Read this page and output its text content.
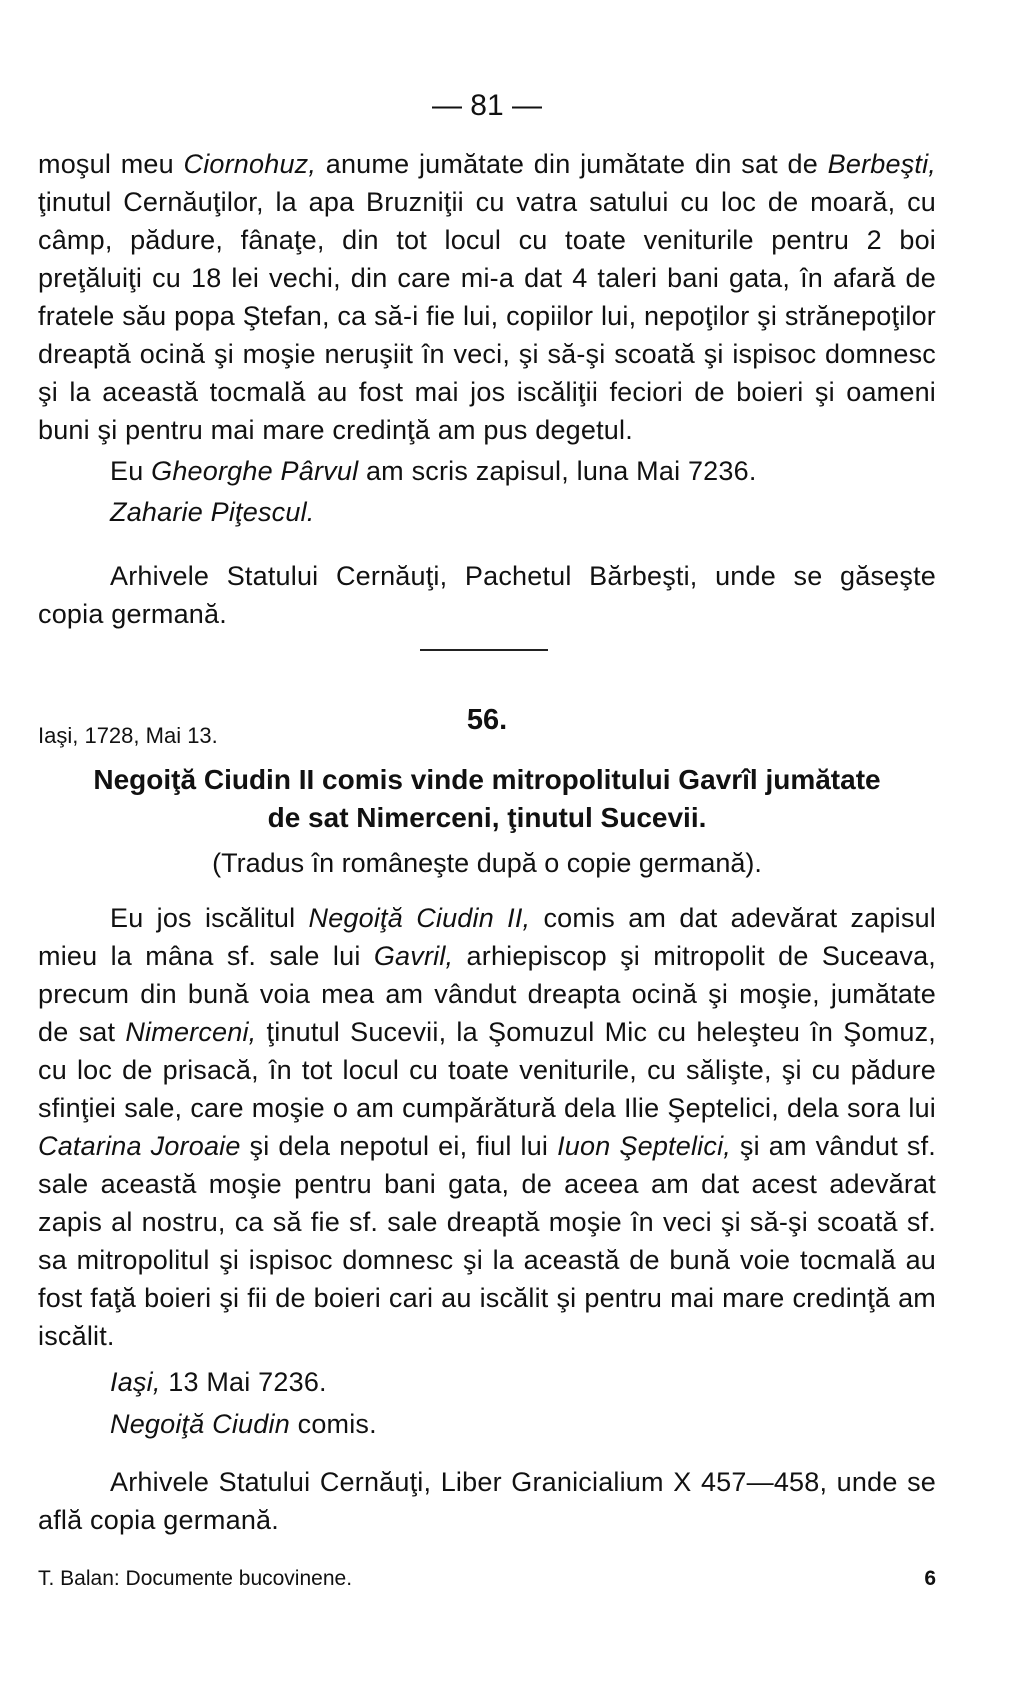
— 81 —

moşul meu Ciornohuz, anume jumătate din jumătate din sat de Berbeşti, ţinutul Cernăuţilor, la apa Bruzniţii cu vatra satului cu loc de moară, cu câmp, pădure, fânaţe, din tot locul cu toate veniturile pentru 2 boi preţăluiţi cu 18 lei vechi, din care mi-a dat 4 taleri bani gata, în afară de fratele său popa Ştefan, ca să-i fie lui, copiilor lui, nepoţilor şi strănepoţilor dreaptă ocină şi moşie neruşiit în veci, şi să-şi scoată şi ispisoc domnesc şi la această tocmală au fost mai jos iscăliţii feciori de boieri şi oameni buni şi pentru mai mare credinţă am pus degetul.

Eu Gheorghe Pârvul am scris zapisul, luna Mai 7236.

Zaharie Piţescul.

Arhivele Statului Cernăuţi, Pachetul Bărbeşti, unde se găseşte copia germană.

56.
Iaşi, 1728, Mai 13.
Negoiţă Ciudin II comis vinde mitropolitului Gavrîl jumătate
de sat Nimerceni, ţinutul Sucevii.
(Tradus în româneşte după o copie germană).

Eu jos iscălitul Negoiţă Ciudin II, comis am dat adevărat zapisul mieu la mâna sf. sale lui Gavril, arhiepiscop şi mitropolit de Suceava, precum din bună voia mea am vândut dreapta ocină şi moşie, jumătate de sat Nimerceni, ţinutul Sucevii, la Şomuzul Mic cu heleşteu în Şomuz, cu loc de prisacă, în tot locul cu toate veniturile, cu sălişte, şi cu pădure sfinţiei sale, care moşie o am cumpărătură dela Ilie Şeptelici, dela sora lui Catarina Joroaie şi dela nepotul ei, fiul lui Iuon Şeptelici, şi am vândut sf. sale această moşie pentru bani gata, de aceea am dat acest adevărat zapis al nostru, ca să fie sf. sale dreaptă moşie în veci şi să-şi scoată sf. sa mitropolitul şi ispisoc domnesc şi la această de bună voie tocmală au fost faţă boieri şi fii de boieri cari au iscălit şi pentru mai mare credinţă am iscălit.

Iaşi, 13 Mai 7236.

Negoiţă Ciudin comis.

Arhivele Statului Cernăuţi, Liber Granicialium X 457—458, unde se află copia germană.

T. Balan: Documente bucovinene.	6
